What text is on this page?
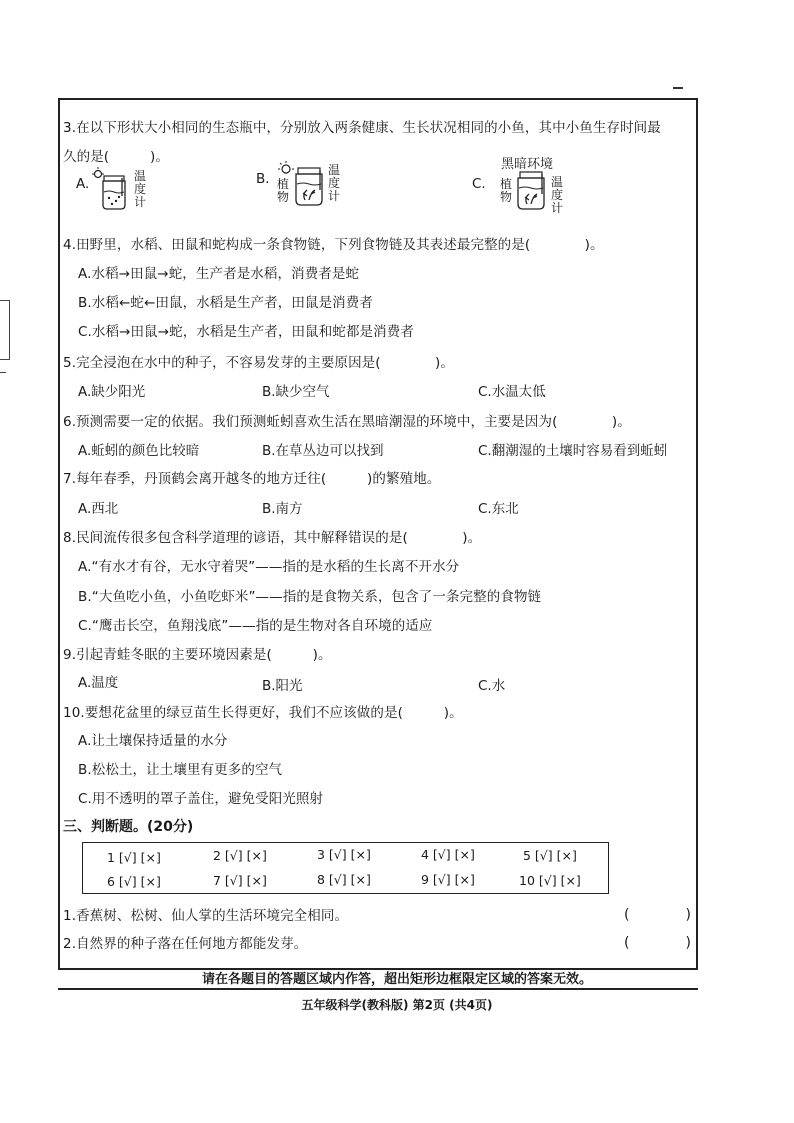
3.在以下形状大小相同的生态瓶中，分别放入两条健康、生长状况相同的小鱼，其中小鱼生存时间最
久的是(　　　)。	黑暗环境
A.	温
度
计
B. 植
物
温
度
计
C. 植
物
温
度
计
4.田野里，水稻、田鼠和蛇构成一条食物链，下列食物链及其表述最完整的是(　　　　)。
A.水稻→田鼠→蛇，生产者是水稻，消费者是蛇
B.水稻←蛇←田鼠，水稻是生产者，田鼠是消费者
C.水稻→田鼠→蛇，水稻是生产者，田鼠和蛇都是消费者
5.完全浸泡在水中的种子，不容易发芽的主要原因是(　　　　)。
A.缺少阳光	B.缺少空气	C.水温太低
6.预测需要一定的依据。我们预测蚯蚓喜欢生活在黑暗潮湿的环境中，主要是因为(　　　　)。
A.蚯蚓的颜色比较暗	B.在草丛边可以找到	C.翻潮湿的土壤时容易看到蚯蚓
7.每年春季，丹顶鹤会离开越冬的地方迁往(　　　)的繁殖地。
A.西北	B.南方	C.东北
8.民间流传很多包含科学道理的谚语，其中解释错误的是(　　　　)。
A.“有水才有谷，无水守着哭”——指的是水稻的生长离不开水分
B.“大鱼吃小鱼，小鱼吃虾米”——指的是食物关系，包含了一条完整的食物链
C.“鹰击长空，鱼翔浅底”——指的是生物对各自环境的适应
9.引起青蛙冬眠的主要环境因素是(　　　)。
A.温度	B.阳光	C.水
10.要想花盆里的绿豆苗生长得更好，我们不应该做的是(　　　)。
A.让土壤保持适量的水分
B.松松土，让土壤里有更多的空气
C.用不透明的罩子盖住，避免受阳光照射
三、判断题。(20分)
1 [√] [×]	2 [√] [×]	3 [√] [×]	4 [√] [×]	5 [√] [×]
6 [√] [×]	7 [√] [×]	8 [√] [×]	9 [√] [×]	10 [√] [×]
1.香蕉树、松树、仙人掌的生活环境完全相同。	(　　　　)
2.自然界的种子落在任何地方都能发芽。	(　　　　)
请在各题目的答题区域内作答，超出矩形边框限定区域的答案无效。
五年级科学(教科版) 第2页 (共4页)
